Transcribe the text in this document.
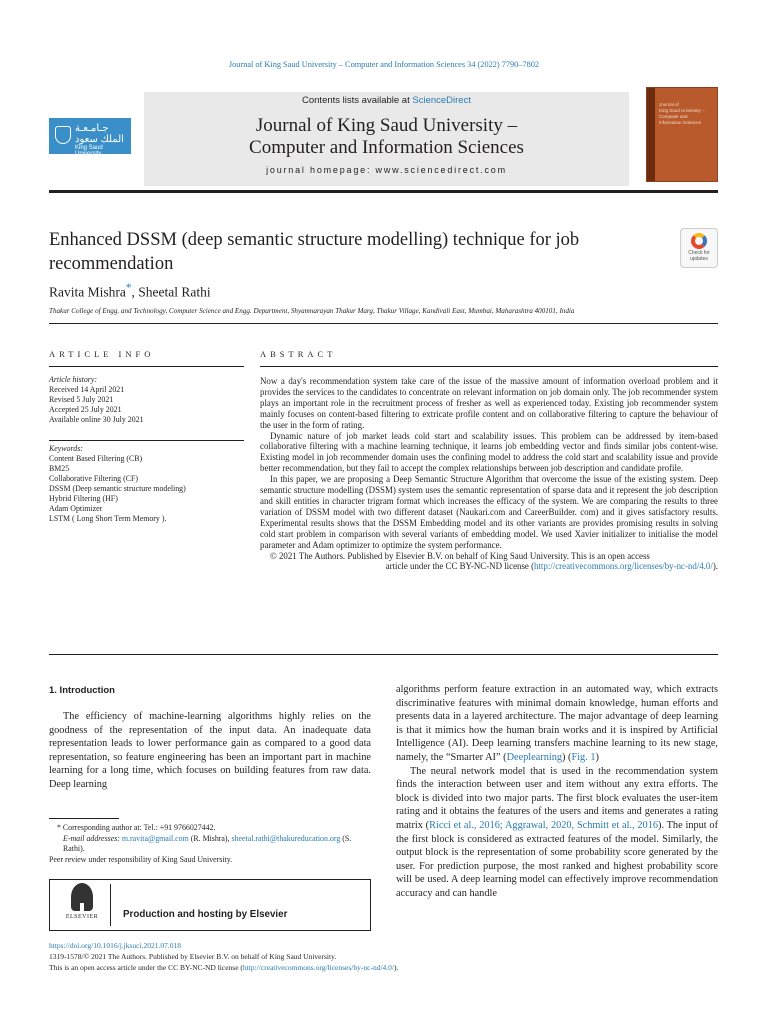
Journal of King Saud University – Computer and Information Sciences 34 (2022) 7790–7802
جـامـعـة الملك سعود
King Saud University
Contents lists available at ScienceDirect
Journal of King Saud University –
Computer and Information Sciences
journal homepage: www.sciencedirect.com
Journal of
King Saud University –
Computer and
Information Sciences
Enhanced DSSM (deep semantic structure modelling) technique for job
recommendation
Check for
updates
Ravita Mishra*, Sheetal Rathi
Thakur College of Engg. and Technology, Computer Science and Engg. Department, Shyamnarayan Thakur Marg, Thakur Village, Kandivali East, Mumbai, Maharashtra 400101, India
ARTICLE INFO	ABSTRACT
Article history:
Received 14 April 2021
Revised 5 July 2021
Accepted 25 July 2021
Available online 30 July 2021
Keywords:
Content Based Filtering (CB)
BM25
Collaborative Filtering (CF)
DSSM (Deep semantic structure modeling)
Hybrid Filtering (HF)
Adam Optimizer
LSTM ( Long Short Term Memory ).

Now a day's recommendation system take care of the issue of the massive amount of information overload problem and it provides the services to the candidates to concentrate on relevant information on job domain only. The job recommender system plays an important role in the recruitment process of fresher as well as experienced today. Existing job recommender system mainly focuses on content-based filtering to extricate profile content and on collaborative filtering to capture the behaviour of the user in the form of rating.

Dynamic nature of job market leads cold start and scalability issues. This problem can be addressed by item-based collaborative filtering with a machine learning technique, it learns job embedding vector and finds similar jobs content-wise. Existing model in job recommender domain uses the confining model to address the cold start and scalability issue and provide better recommendation, but they fail to accept the complex relationships between job description and candidate profile.

In this paper, we are proposing a Deep Semantic Structure Algorithm that overcome the issue of the existing system. Deep semantic structure modelling (DSSM) system uses the semantic representation of sparse data and it represent the job description and skill entities in character trigram format which increases the efficacy of the system. We are comparing the results to three variation of DSSM model with two different dataset (Naukari.com and CareerBuilder. com) and it gives satisfactory results. Experimental results shows that the DSSM Embedding model and its other variants are provides promising results in solving cold start problem in comparison with several variants of embedding model. We used Xavier initializer to initialise the model parameter and Adam optimizer to optimize the system performance.

© 2021 The Authors. Published by Elsevier B.V. on behalf of King Saud University. This is an open access

article under the CC BY-NC-ND license (http://creativecommons.org/licenses/by-nc-nd/4.0/).
1. Introduction

The efficiency of machine-learning algorithms highly relies on the goodness of the representation of the input data. An inadequate data representation leads to lower performance gain as compared to a good data representation, so feature engineering has been an important part in machine learning for a long time, which focuses on building features from raw data. Deep learning

algorithms perform feature extraction in an automated way, which extracts discriminative features with minimal domain knowledge, human efforts and presents data in a layered architecture. The major advantage of deep learning is that it mimics how the human brain works and it is inspired by Artificial Intelligence (AI). Deep learning transfers machine learning to its new stage, namely, the “Smarter AI” (Deeplearning) (Fig. 1)

The neural network model that is used in the recommendation system finds the interaction between user and item without any extra efforts. The block is divided into two major parts. The first block evaluates the user-item rating and it obtains the features of the users and items and generates a rating matrix (Ricci et al., 2016; Aggrawal, 2020, Schmitt et al., 2016). The input of the first block is considered as extracted features of the model. Similarly, the output block is the representation of some probability score generated by the user. For prediction purpose, the most ranked and highest probability score will be used. A deep learning model can effectively improve recommendation accuracy and can handle

* Corresponding author at: Tel.: +91 9766027442.
E-mail addresses: m.ravita@gmail.com (R. Mishra), sheetal.rathi@thakureducation.org (S. Rathi).
Peer review under responsibility of King Saud University.
ELSEVIER	Production and hosting by Elsevier
https://doi.org/10.1016/j.jksuci.2021.07.018
1319-1578/© 2021 The Authors. Published by Elsevier B.V. on behalf of King Saud University.
This is an open access article under the CC BY-NC-ND license (http://creativecommons.org/licenses/by-nc-nd/4.0/).
